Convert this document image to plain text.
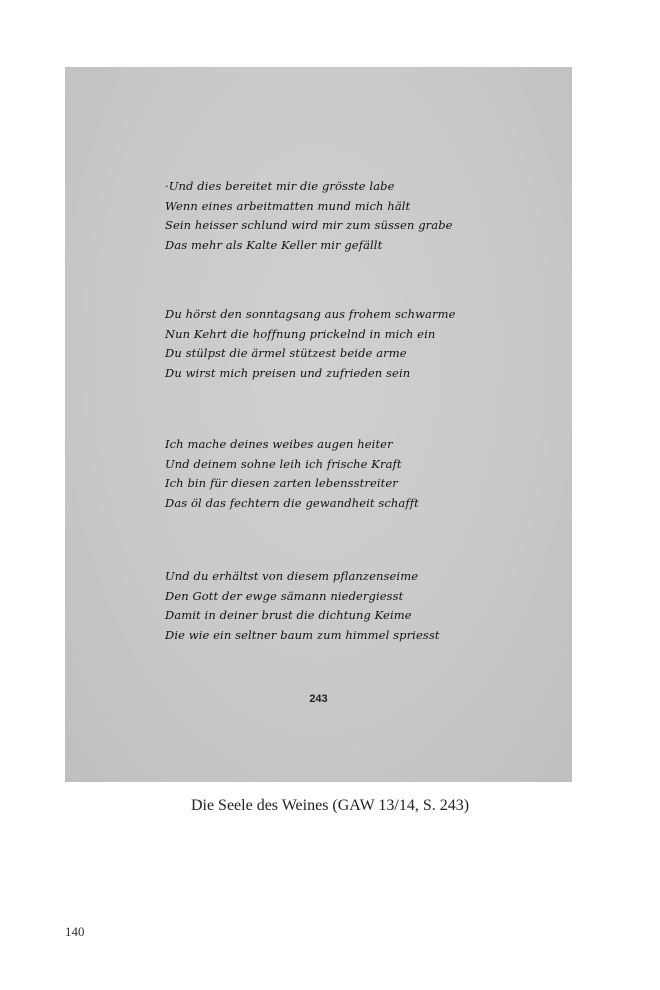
·Und dies bereitet mir die grösste labe
Wenn eines arbeitmatten mund mich hält
Sein heisser schlund wird mir zum süssen grabe
Das mehr als Kalte Keller mir gefällt
Du hörst den sonntagsang aus frohem schwarme
Nun Kehrt die hoffnung prickelnd in mich ein
Du stülpst die ärmel stützest beide arme
Du wirst mich preisen und zufrieden sein
Ich mache deines weibes augen heiter
Und deinem sohne leih ich frische Kraft
Ich bin für diesen zarten lebensstreiter
Das öl das fechtern die gewandheit schafft
Und du erhältst von diesem pflanzenseime
Den Gott der ewge sämann niedergiesst
Damit in deiner brust die dichtung Keime
Die wie ein seltner baum zum himmel spriesst
243
Die Seele des Weines (GAW 13/14, S. 243)
140
